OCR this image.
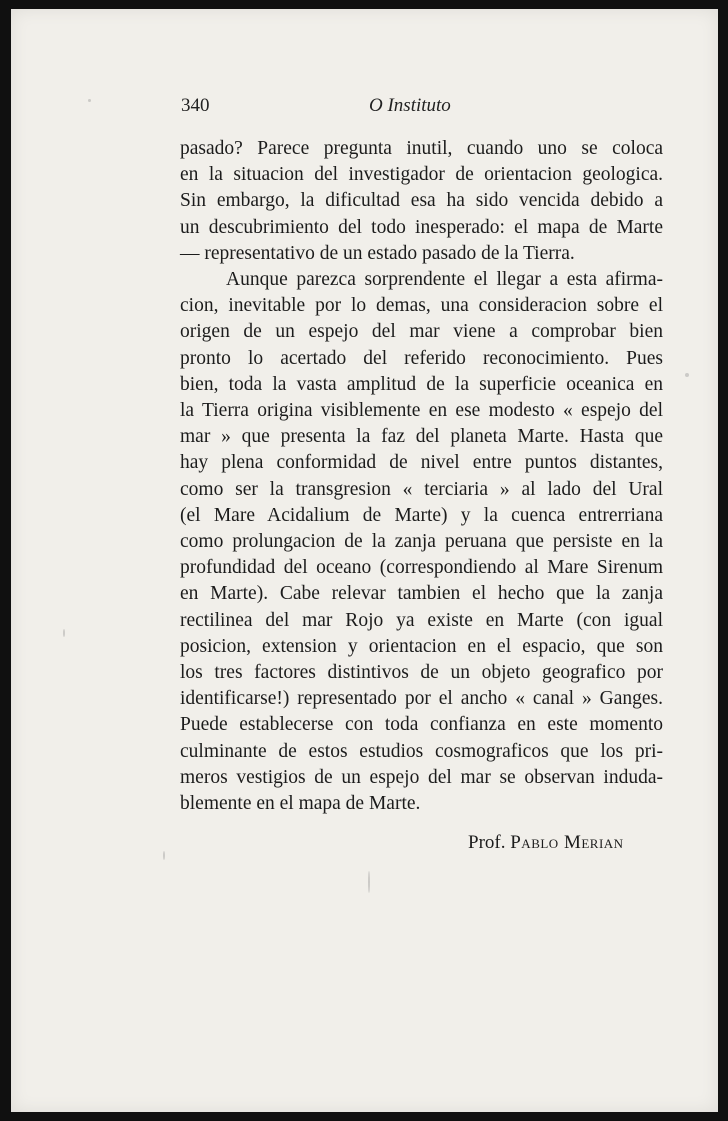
340	O Instituto
pasado? Parece pregunta inutil, cuando uno se coloca
en la situacion del investigador de orientacion geologica.
Sin embargo, la dificultad esa ha sido vencida debido a
un descubrimiento del todo inesperado: el mapa de Marte
— representativo de un estado pasado de la Tierra.
Aunque parezca sorprendente el llegar a esta afirma-
cion, inevitable por lo demas, una consideracion sobre el
origen de un espejo del mar viene a comprobar bien
pronto lo acertado del referido reconocimiento. Pues
bien, toda la vasta amplitud de la superficie oceanica en
la Tierra origina visiblemente en ese modesto « espejo del
mar » que presenta la faz del planeta Marte. Hasta que
hay plena conformidad de nivel entre puntos distantes,
como ser la transgresion « terciaria » al lado del Ural
(el Mare Acidalium de Marte) y la cuenca entrerriana
como prolungacion de la zanja peruana que persiste en la
profundidad del oceano (correspondiendo al Mare Sirenum
en Marte). Cabe relevar tambien el hecho que la zanja
rectilinea del mar Rojo ya existe en Marte (con igual
posicion, extension y orientacion en el espacio, que son
los tres factores distintivos de un objeto geografico por
identificarse!) representado por el ancho « canal » Ganges.
Puede establecerse con toda confianza en este momento
culminante de estos estudios cosmograficos que los pri-
meros vestigios de un espejo del mar se observan induda-
blemente en el mapa de Marte.
Prof. Pablo Merian
